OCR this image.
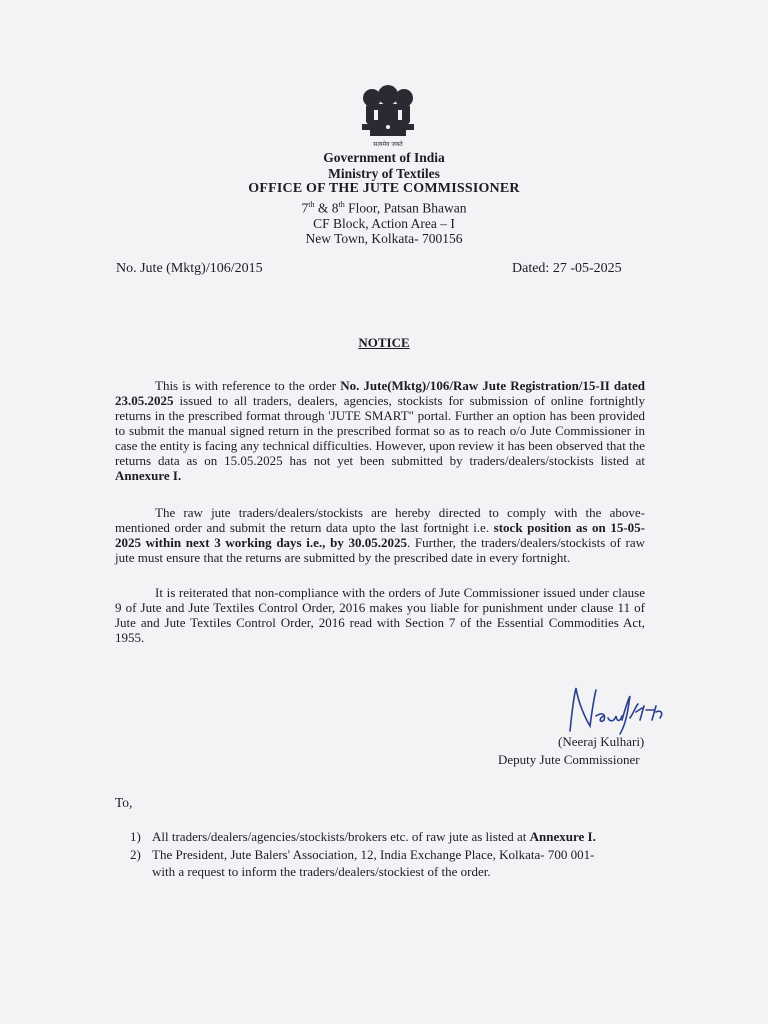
सत्यमेव जयते
Government of India
Ministry of Textiles
OFFICE OF THE JUTE COMMISSIONER
7th & 8th Floor, Patsan Bhawan
CF Block, Action Area – I
New Town, Kolkata- 700156
No. Jute (Mktg)/106/2015	Dated: 27 -05-2025
NOTICE
This is with reference to the order No. Jute(Mktg)/106/Raw Jute Registration/15-II dated 23.05.2025 issued to all traders, dealers, agencies, stockists for submission of online fortnightly returns in the prescribed format through 'JUTE SMART" portal. Further an option has been provided to submit the manual signed return in the prescribed format so as to reach o/o Jute Commissioner in case the entity is facing any technical difficulties. However, upon review it has been observed that the returns data as on 15.05.2025 has not yet been submitted by traders/dealers/stockists listed at Annexure I.
The raw jute traders/dealers/stockists are hereby directed to comply with the above-mentioned order and submit the return data upto the last fortnight i.e. stock position as on 15-05-2025 within next 3 working days i.e., by 30.05.2025. Further, the traders/dealers/stockists of raw jute must ensure that the returns are submitted by the prescribed date in every fortnight.
It is reiterated that non-compliance with the orders of Jute Commissioner issued under clause 9 of Jute and Jute Textiles Control Order, 2016 makes you liable for punishment under clause 11 of Jute and Jute Textiles Control Order, 2016 read with Section 7 of the Essential Commodities Act, 1955.
(Neeraj Kulhari)
Deputy Jute Commissioner
To,
1) All traders/dealers/agencies/stockists/brokers etc. of raw jute as listed at Annexure I.
2) The President, Jute Balers' Association, 12, India Exchange Place, Kolkata- 700 001-
with a request to inform the traders/dealers/stockiest of the order.
